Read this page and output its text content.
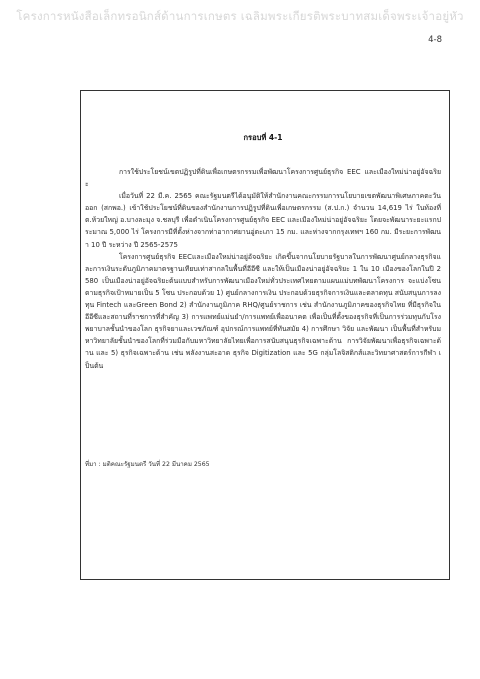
โครงการหนังสือเล็กทรอนิกส์ด้านการเกษตร เฉลิมพระเกียรติพระบาทสมเด็จพระเจ้าอยู่หัว
4-8
กรอบที่ 4-1

การใช้ประโยชน์เขตปฏิรูปที่ดินเพื่อเกษตรกรรมเพื่อพัฒนาโครงการศูนย์ธุรกิจ EEC และเมืองใหม่น่าอยู่อัจฉริยะ

เมื่อวันที่ 22 มี.ค. 2565 คณะรัฐมนตรีได้อนุมัติให้สำนักงานคณะกรรมการนโยบายเขตพัฒนาพิเศษภาคตะวันออก (สกพอ.) เข้าใช้ประโยชน์ที่ดินของสำนักงานการปฏิรูปที่ดินเพื่อเกษตรกรรม (ส.ป.ก.) จำนวน 14,619 ไร่ ในท้องที่ ต.ห้วยใหญ่ อ.บางละมุง จ.ชลบุรี เพื่อดำเนินโครงการศูนย์ธุรกิจ EEC และเมืองใหม่น่าอยู่อัจฉริยะ โดยจะพัฒนาระยะแรกประมาณ 5,000 ไร่ โครงการมีที่ตั้งห่างจากท่าอากาศยานอู่ตะเภา 15 กม. และห่างจากกรุงเทพฯ 160 กม. มีระยะการพัฒนา 10 ปี ระหว่าง ปี 2565-2575

โครงการศูนย์ธุรกิจ EECและเมืองใหม่น่าอยู่อัจฉริยะ เกิดขึ้นจากนโยบายรัฐบาลในการพัฒนาศูนย์กลางธุรกิจและการเงินระดับภูมิภาคมาตรฐานเทียบเท่าสากลในพื้นที่อีอีซี และให้เป็นเมืองน่าอยู่อัจฉริยะ 1 ใน 10 เมืองของโลกในปี 2580 เป็นเมืองน่าอยู่อัจฉริยะต้นแบบสำหรับการพัฒนาเมืองใหม่ทั่วประเทศไทยตามแผนแม่บทพัฒนาโครงการ จะแบ่งโซนตามธุรกิจเป้าหมายเป็น 5 โซน ประกอบด้วย 1) ศูนย์กลางการเงิน ประกอบด้วยธุรกิจการเงินและตลาดทุน สนับสนุนการลงทุน Fintech และGreen Bond 2) สำนักงานภูมิภาค RHQ/ศูนย์ราชการ เช่น สำนักงานภูมิภาคของธุรกิจไทย ที่มีธุรกิจในอีอีซีและสถานที่ราชการที่สำคัญ 3) การแพทย์แม่นยำ/การแพทย์เพื่ออนาคต เพื่อเป็นที่ตั้งของธุรกิจที่เป็นการร่วมทุนกับโรงพยาบาลชั้นนำของโลก ธุรกิจยาและเวชภัณฑ์ อุปกรณ์การแพทย์ที่ทันสมัย 4) การศึกษา วิจัย และพัฒนา เป็นพื้นที่สำหรับมหาวิทยาลัยชั้นนำของโลกที่ร่วมมือกับมหาวิทยาลัยไทยเพื่อการสนับสนุนธุรกิจเฉพาะด้าน การวิจัยพัฒนาเพื่อธุรกิจเฉพาะด้าน และ 5) ธุรกิจเฉพาะด้าน เช่น พลังงานสะอาด ธุรกิจ Digitization และ 5G กลุ่มโลจิสติกส์และวิทยาศาสตร์การกีฬา เป็นต้น

ที่มา : มติคณะรัฐมนตรี วันที่ 22 มีนาคม 2565
